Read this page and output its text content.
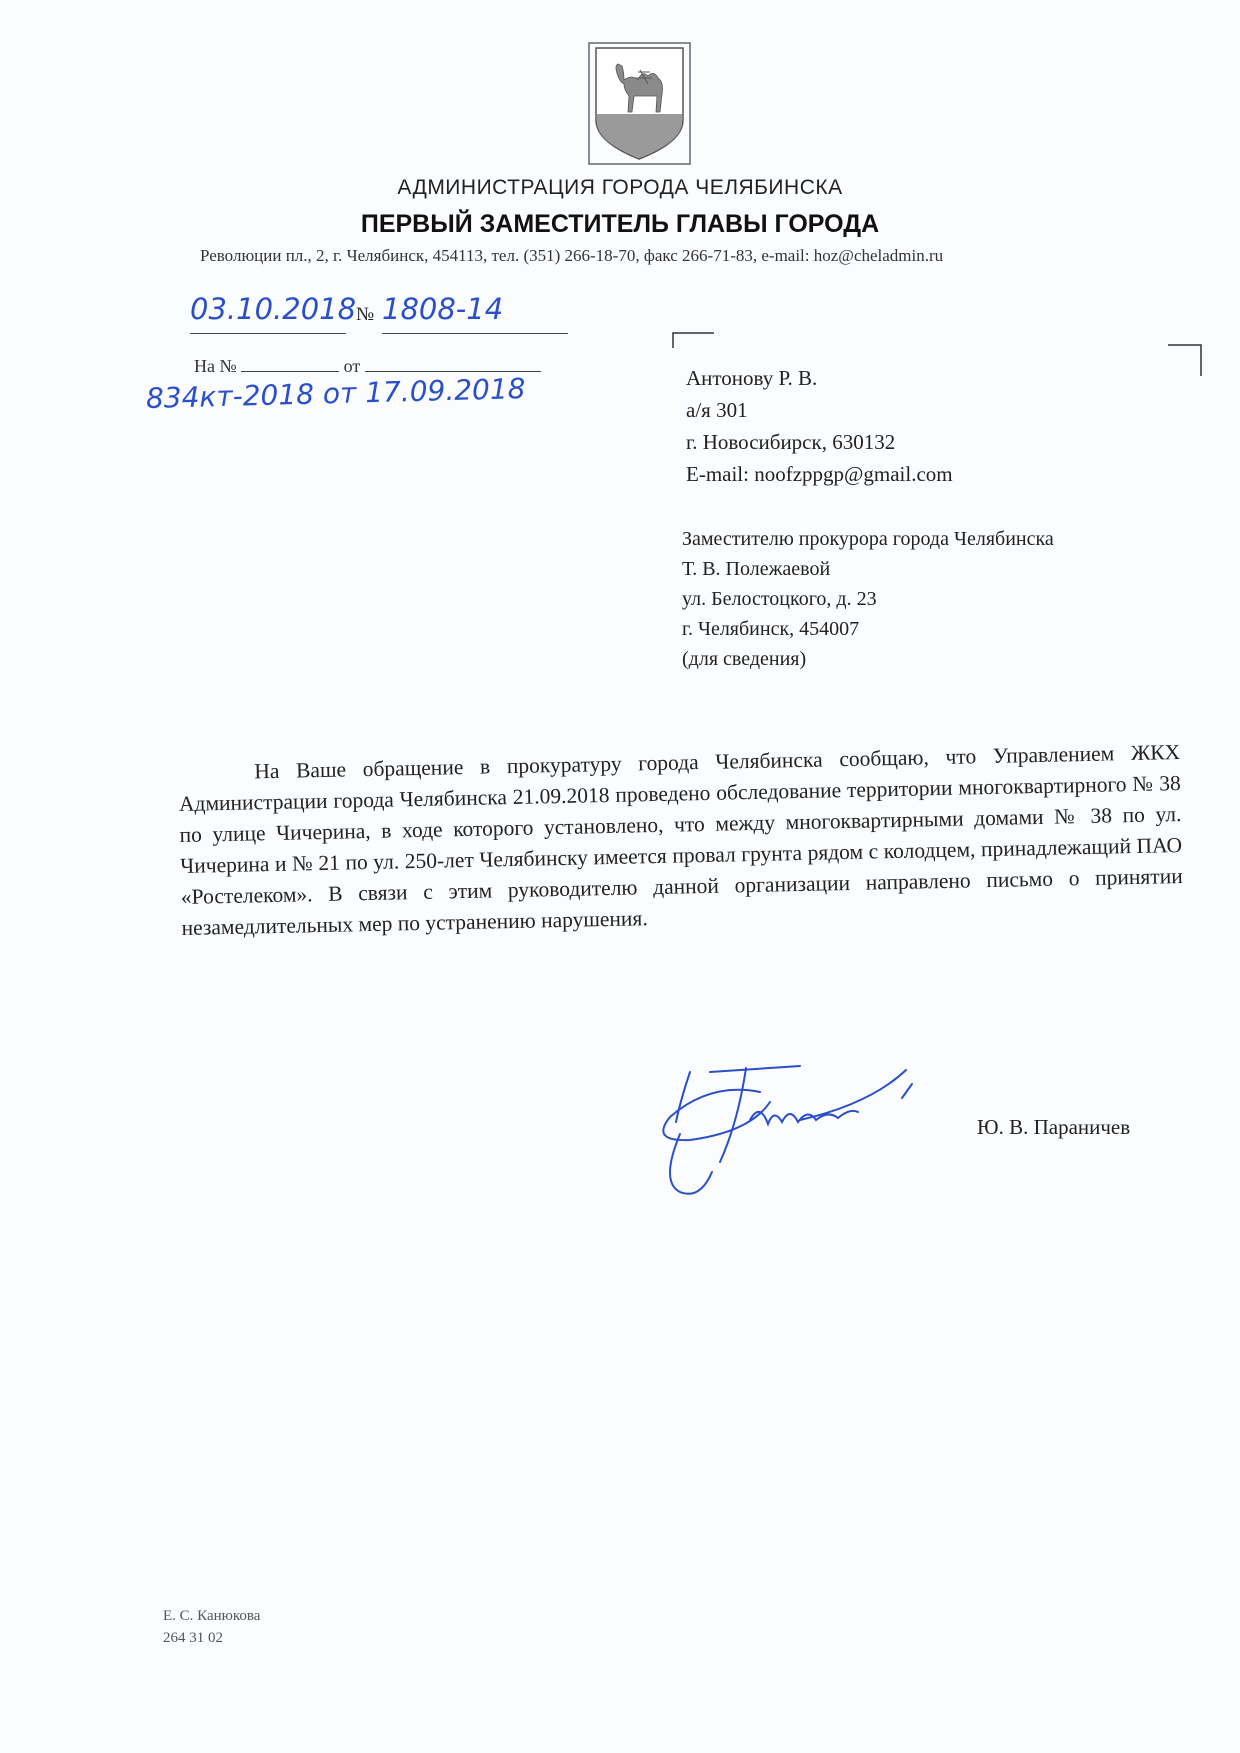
АДМИНИСТРАЦИЯ ГОРОДА ЧЕЛЯБИНСКА
ПЕРВЫЙ ЗАМЕСТИТЕЛЬ ГЛАВЫ ГОРОДА
Революции пл., 2, г. Челябинск, 454113, тел. (351) 266-18-70, факс 266-71-83, e-mail: hoz@cheladmin.ru
03.10.2018 № 1808-14
На №	от
834кт-2018 от 17.09.2018	Антонову Р. В.
а/я 301
г. Новосибирск, 630132
E-mail: noofzppgp@gmail.com
Заместителю прокурора города Челябинска
Т. В. Полежаевой
ул. Белостоцкого, д. 23
г. Челябинск, 454007
(для сведения)

На Ваше обращение в прокуратуру города Челябинска сообщаю, что Управлением ЖКХ Администрации города Челябинска 21.09.2018 проведено обследование территории многоквартирного № 38 по улице Чичерина, в ходе которого установлено, что между многоквартирными домами № 38 по ул. Чичерина и № 21 по ул. 250-лет Челябинску имеется провал грунта рядом с колодцем, принадлежащий ПАО «Ростелеком». В связи с этим руководителю данной организации направлено письмо о принятии незамедлительных мер по устранению нарушения.

Ю. В. Параничев
Е. С. Канюкова
264 31 02
